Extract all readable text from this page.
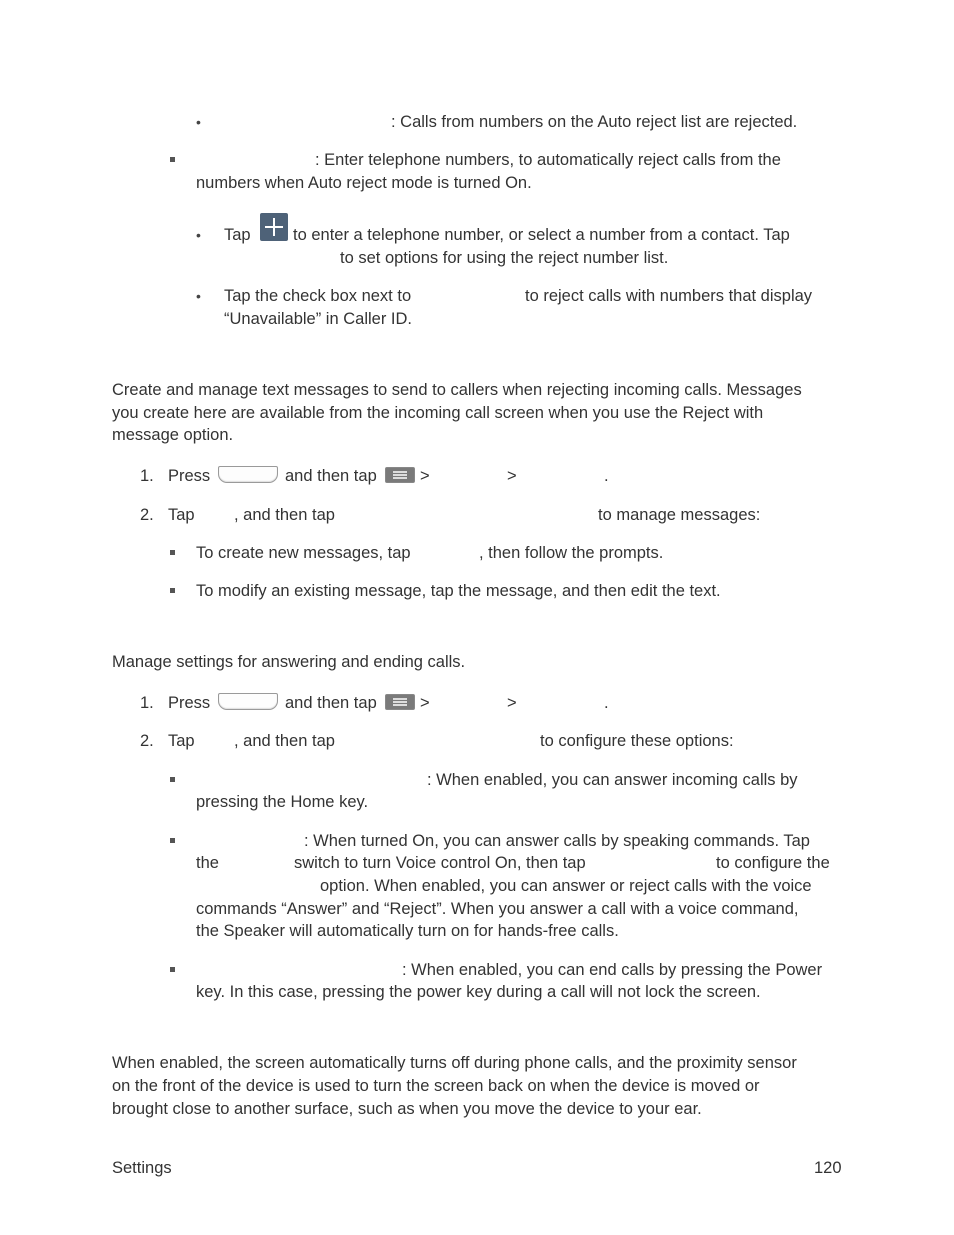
•	: Calls from numbers on the Auto reject list are rejected.
: Enter telephone numbers, to automatically reject calls from the
numbers when Auto reject mode is turned On.
• Tap	to enter a telephone number, or select a number from a contact. Tap
to set options for using the reject number list.
• Tap the check box next to	to reject calls with numbers that display
“Unavailable” in Caller ID.
Create and manage text messages to send to callers when rejecting incoming calls. Messages
you create here are available from the incoming call screen when you use the Reject with
message option.
1. Press	and then tap	>	>	.
2. Tap , and then tap	to manage messages:
To create new messages, tap	, then follow the prompts.
To modify an existing message, tap the message, and then edit the text.
Manage settings for answering and ending calls.
1. Press	and then tap	>	>	.
2. Tap , and then tap	to configure these options:
: When enabled, you can answer incoming calls by
pressing the Home key.
: When turned On, you can answer calls by speaking commands. Tap
the	switch to turn Voice control On, then tap	to configure the
option. When enabled, you can answer or reject calls with the voice
commands “Answer” and “Reject”. When you answer a call with a voice command,
the Speaker will automatically turn on for hands-free calls.
: When enabled, you can end calls by pressing the Power
key. In this case, pressing the power key during a call will not lock the screen.
When enabled, the screen automatically turns off during phone calls, and the proximity sensor
on the front of the device is used to turn the screen back on when the device is moved or
brought close to another surface, such as when you move the device to your ear.
Settings	120
